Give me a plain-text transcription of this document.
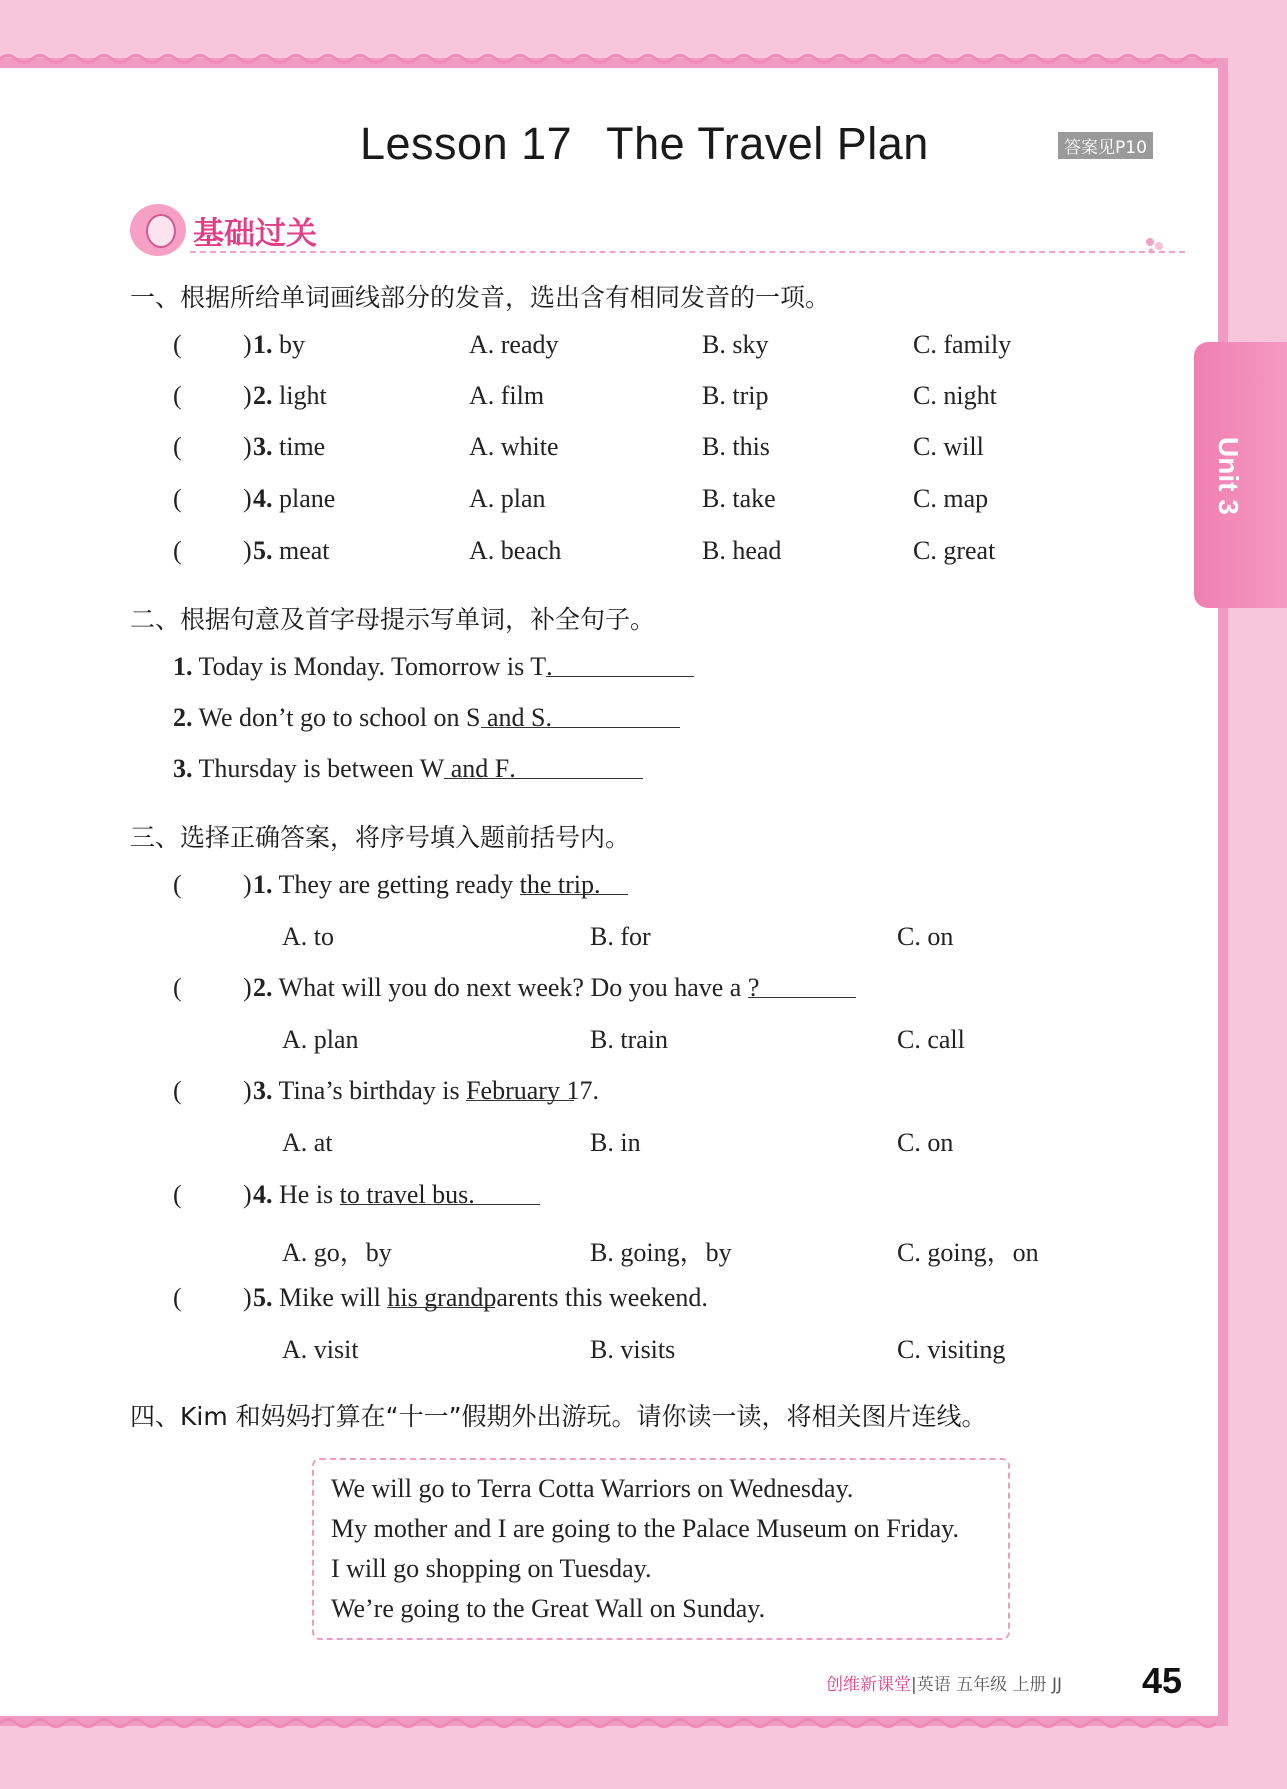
Unit 3
Lesson 17 The Travel Plan	答案见P10
基础过关
一、根据所给单词画线部分的发音，选出含有相同发音的一项。
( ) 1. by	A. ready	B. sky	C. family
( ) 2. light	A. film	B. trip	C. night
( ) 3. time	A. white	B. this	C. will
( ) 4. plane	A. plan	B. take	C. map
( ) 5. meat	A. beach	B. head	C. great
二、根据句意及首字母提示写单词，补全句子。
1. Today is Monday. Tomorrow is T
.
2. We don’t go to school on S and S
.
3. Thursday is between W and F
.
三、选择正确答案，将序号填入题前括号内。
( ) 1. They are getting ready the trip.
A. to	B. for	C. on
( ) 2. What will you do next week? Do you have a ?
A. plan	B. train	C. call
( ) 3. Tina’s birthday is February 17.
A. at	B. in	C. on
( ) 4. He is to travel bus.
A. go，by	B. going，by	C. going，on
( ) 5. Mike will his grandparents this weekend.
A. visit	B. visits	C. visiting
四、Kim 和妈妈打算在“十一”假期外出游玩。请你读一读，将相关图片连线。
We will go to Terra Cotta Warriors on Wednesday.
My mother and I are going to the Palace Museum on Friday.
I will go shopping on Tuesday.
We’re going to the Great Wall on Sunday.
创维新课堂|英语 五年级 上册 JJ 45
